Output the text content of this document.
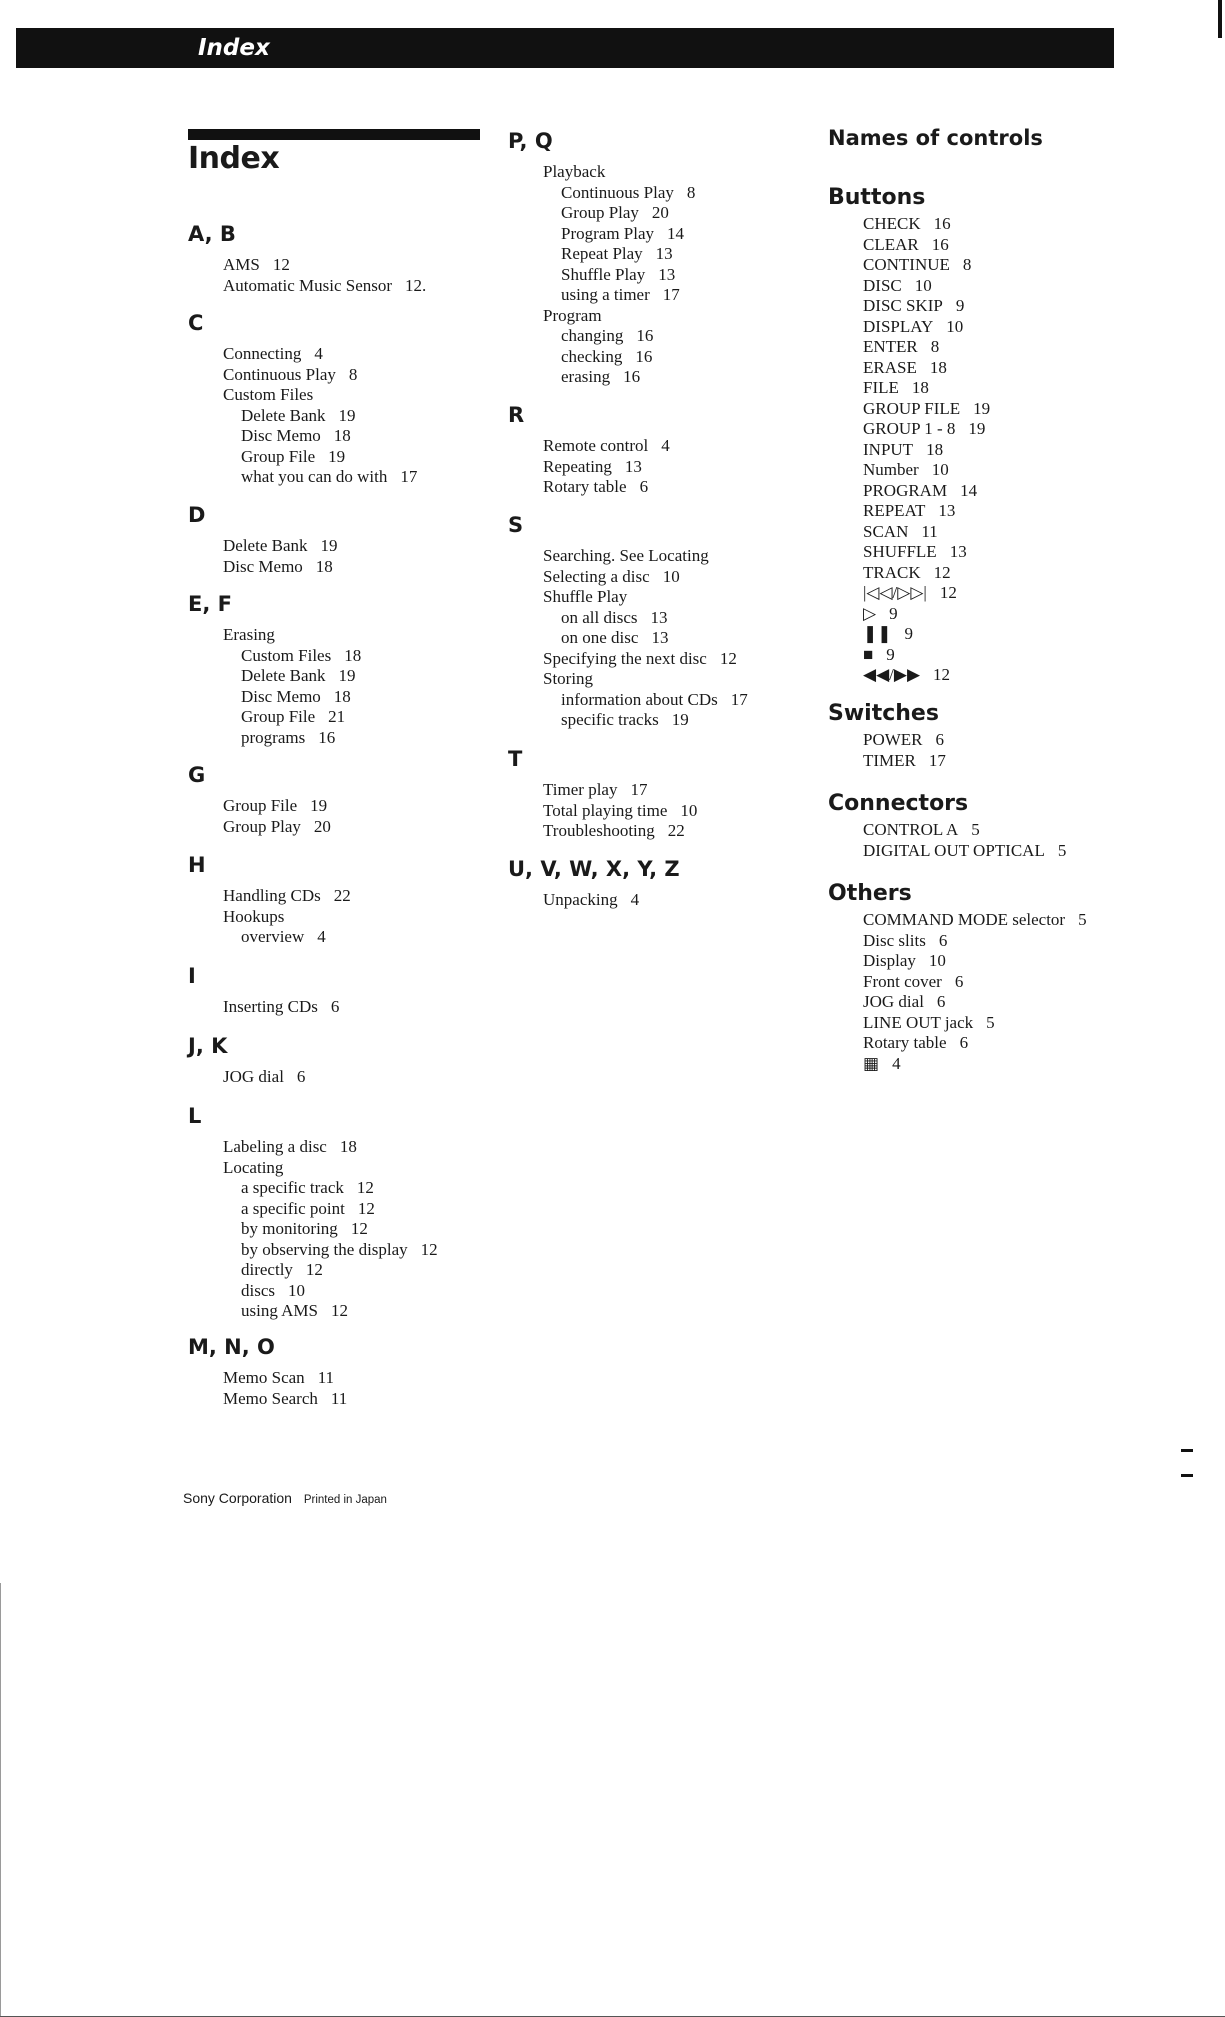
Index
Index
A, B
AMS 12
Automatic Music Sensor 12.
C
Connecting 4
Continuous Play 8
Custom Files
Delete Bank 19
Disc Memo 18
Group File 19
what you can do with 17
D
Delete Bank 19
Disc Memo 18
E, F
Erasing
Custom Files 18
Delete Bank 19
Disc Memo 18
Group File 21
programs 16
G
Group File 19
Group Play 20
H
Handling CDs 22
Hookups
overview 4
I
Inserting CDs 6
J, K
JOG dial 6
L
Labeling a disc 18
Locating
a specific track 12
a specific point 12
by monitoring 12
by observing the display 12
directly 12
discs 10
using AMS 12
M, N, O
Memo Scan 11
Memo Search 11
P, Q
Playback
Continuous Play 8
Group Play 20
Program Play 14
Repeat Play 13
Shuffle Play 13
using a timer 17
Program
changing 16
checking 16
erasing 16
R
Remote control 4
Repeating 13
Rotary table 6
S
Searching. See Locating
Selecting a disc 10
Shuffle Play
on all discs 13
on one disc 13
Specifying the next disc 12
Storing
information about CDs 17
specific tracks 19
T
Timer play 17
Total playing time 10
Troubleshooting 22
U, V, W, X, Y, Z
Unpacking 4
Names of controls
Buttons
CHECK 16
CLEAR 16
CONTINUE 8
DISC 10
DISC SKIP 9
DISPLAY 10
ENTER 8
ERASE 18
FILE 18
GROUP FILE 19
GROUP 1 - 8 19
INPUT 18
Number 10
PROGRAM 14
REPEAT 13
SCAN 11
SHUFFLE 13
TRACK 12
|◁◁/▷▷| 12
▷ 9
❚❚ 9
■ 9
◀◀/▶▶ 12
Switches
POWER 6
TIMER 17
Connectors
CONTROL A 5
DIGITAL OUT OPTICAL 5
Others
COMMAND MODE selector 5
Disc slits 6
Display 10
Front cover 6
JOG dial 6
LINE OUT jack 5
Rotary table 6
▦ 4
Sony Corporation Printed in Japan
